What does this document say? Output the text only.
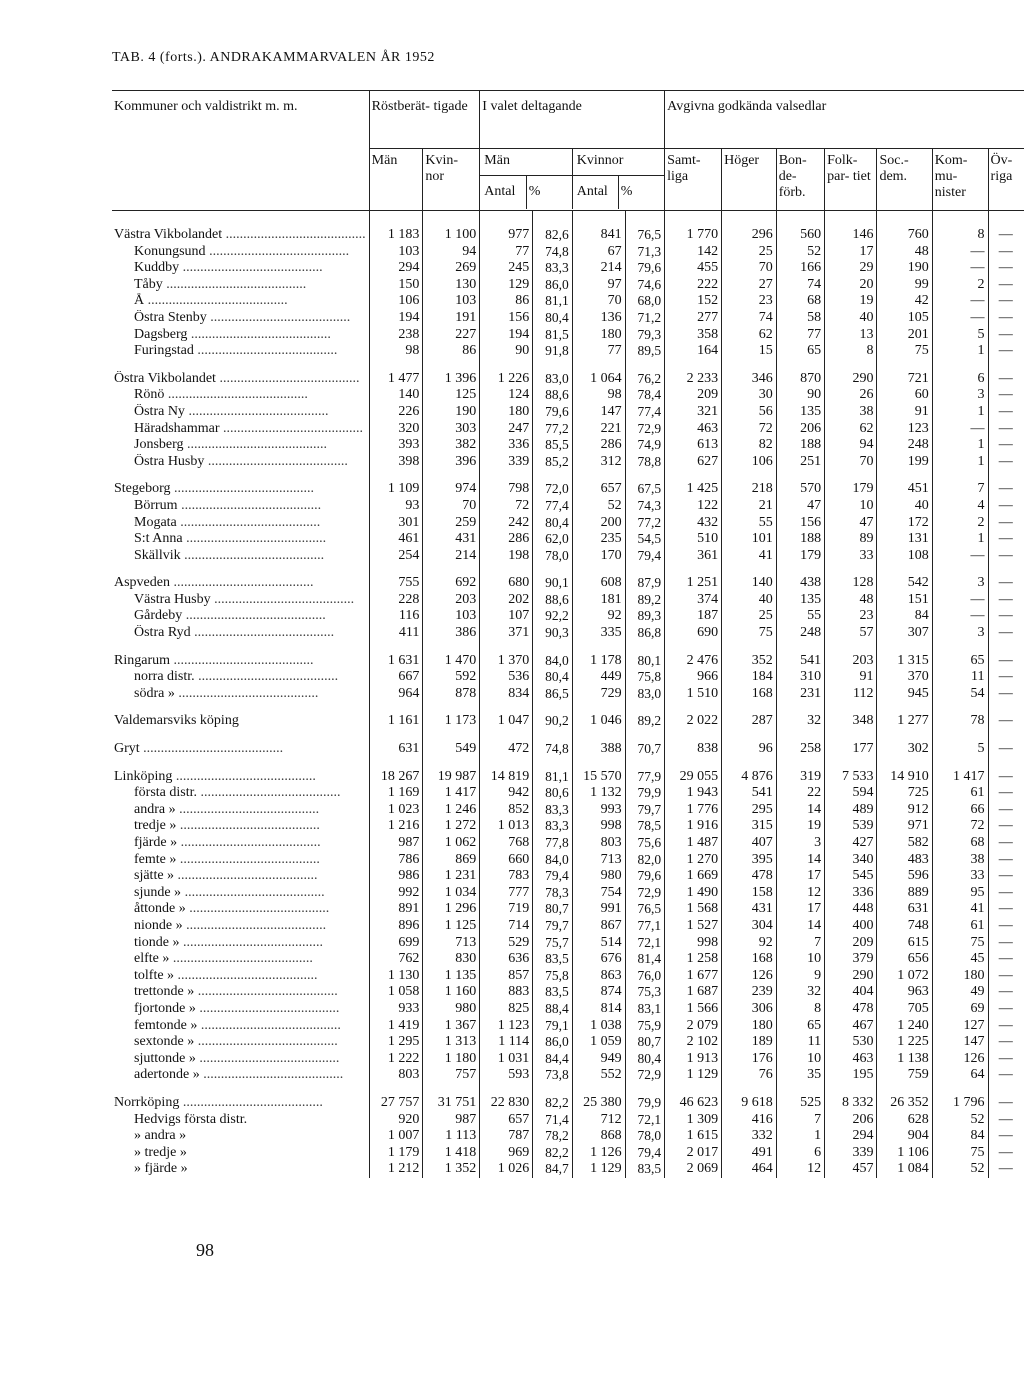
TAB. 4 (forts.). ANDRAKAMMARVALEN ÅR 1952
Kommuner och valdistrikt m. m.	Röstberät- tigade	I valet deltagande	Avgivna godkända valsedlar
Män	Kvin- nor	
Män	Kvinnor
Antal	%	Antal	%
	Samt- liga	Höger	Bon- de- förb.	Folk- par- tiet	Soc.- dem.	Kom- mu- nister	Öv- riga
Västra Vikbolandet .....	1 183	1 100	977	82,6	841	76,5	1 770	296	560	146	760	8	—
Konungsund .....	103	94	77	74,8	67	71,3	142	25	52	17	48	—	—
Kuddby .....	294	269	245	83,3	214	79,6	455	70	166	29	190	—	—
Tåby .....	150	130	129	86,0	97	74,6	222	27	74	20	99	2	—
Å .....	106	103	86	81,1	70	68,0	152	23	68	19	42	—	—
Östra Stenby .....	194	191	156	80,4	136	71,2	277	74	58	40	105	—	—
Dagsberg .....	238	227	194	81,5	180	79,3	358	62	77	13	201	5	—
Furingstad .....	98	86	90	91,8	77	89,5	164	15	65	8	75	1	—

Östra Vikbolandet .....	1 477	1 396	1 226	83,0	1 064	76,2	2 233	346	870	290	721	6	—
Rönö .....	140	125	124	88,6	98	78,4	209	30	90	26	60	3	—
Östra Ny .....	226	190	180	79,6	147	77,4	321	56	135	38	91	1	—
Häradshammar .....	320	303	247	77,2	221	72,9	463	72	206	62	123	—	—
Jonsberg .....	393	382	336	85,5	286	74,9	613	82	188	94	248	1	—
Östra Husby .....	398	396	339	85,2	312	78,8	627	106	251	70	199	1	—

Stegeborg .....	1 109	974	798	72,0	657	67,5	1 425	218	570	179	451	7	—
Börrum .....	93	70	72	77,4	52	74,3	122	21	47	10	40	4	—
Mogata .....	301	259	242	80,4	200	77,2	432	55	156	47	172	2	—
S:t Anna .....	461	431	286	62,0	235	54,5	510	101	188	89	131	1	—
Skällvik .....	254	214	198	78,0	170	79,4	361	41	179	33	108	—	—

Aspveden .....	755	692	680	90,1	608	87,9	1 251	140	438	128	542	3	—
Västra Husby .....	228	203	202	88,6	181	89,2	374	40	135	48	151	—	—
Gårdeby .....	116	103	107	92,2	92	89,3	187	25	55	23	84	—	—
Östra Ryd .....	411	386	371	90,3	335	86,8	690	75	248	57	307	3	—

Ringarum .....	1 631	1 470	1 370	84,0	1 178	80,1	2 476	352	541	203	1 315	65	—
norra distr. .....	667	592	536	80,4	449	75,8	966	184	310	91	370	11	—
södra » .....	964	878	834	86,5	729	83,0	1 510	168	231	112	945	54	—

Valdemarsviks köping	1 161	1 173	1 047	90,2	1 046	89,2	2 022	287	32	348	1 277	78	—

Gryt .....	631	549	472	74,8	388	70,7	838	96	258	177	302	5	—

Linköping .....	18 267	19 987	14 819	81,1	15 570	77,9	29 055	4 876	319	7 533	14 910	1 417	—
första distr. .....	1 169	1 417	942	80,6	1 132	79,9	1 943	541	22	594	725	61	—
andra » .....	1 023	1 246	852	83,3	993	79,7	1 776	295	14	489	912	66	—
tredje » .....	1 216	1 272	1 013	83,3	998	78,5	1 916	315	19	539	971	72	—
fjärde » .....	987	1 062	768	77,8	803	75,6	1 487	407	3	427	582	68	—
femte » .....	786	869	660	84,0	713	82,0	1 270	395	14	340	483	38	—
sjätte » .....	986	1 231	783	79,4	980	79,6	1 669	478	17	545	596	33	—
sjunde » .....	992	1 034	777	78,3	754	72,9	1 490	158	12	336	889	95	—
åttonde » .....	891	1 296	719	80,7	991	76,5	1 568	431	17	448	631	41	—
nionde » .....	896	1 125	714	79,7	867	77,1	1 527	304	14	400	748	61	—
tionde » .....	699	713	529	75,7	514	72,1	998	92	7	209	615	75	—
elfte » .....	762	830	636	83,5	676	81,4	1 258	168	10	379	656	45	—
tolfte » .....	1 130	1 135	857	75,8	863	76,0	1 677	126	9	290	1 072	180	—
trettonde » .....	1 058	1 160	883	83,5	874	75,3	1 687	239	32	404	963	49	—
fjortonde » .....	933	980	825	88,4	814	83,1	1 566	306	8	478	705	69	—
femtonde » .....	1 419	1 367	1 123	79,1	1 038	75,9	2 079	180	65	467	1 240	127	—
sextonde » .....	1 295	1 313	1 114	86,0	1 059	80,7	2 102	189	11	530	1 225	147	—
sjuttonde » .....	1 222	1 180	1 031	84,4	949	80,4	1 913	176	10	463	1 138	126	—
adertonde » .....	803	757	593	73,8	552	72,9	1 129	76	35	195	759	64	—

Norrköping .....	27 757	31 751	22 830	82,2	25 380	79,9	46 623	9 618	525	8 332	26 352	1 796	—
Hedvigs första distr.	920	987	657	71,4	712	72,1	1 309	416	7	206	628	52	—
» andra »	1 007	1 113	787	78,2	868	78,0	1 615	332	1	294	904	84	—
» tredje »	1 179	1 418	969	82,2	1 126	79,4	2 017	491	6	339	1 106	75	—
» fjärde »	1 212	1 352	1 026	84,7	1 129	83,5	2 069	464	12	457	1 084	52	—
98
